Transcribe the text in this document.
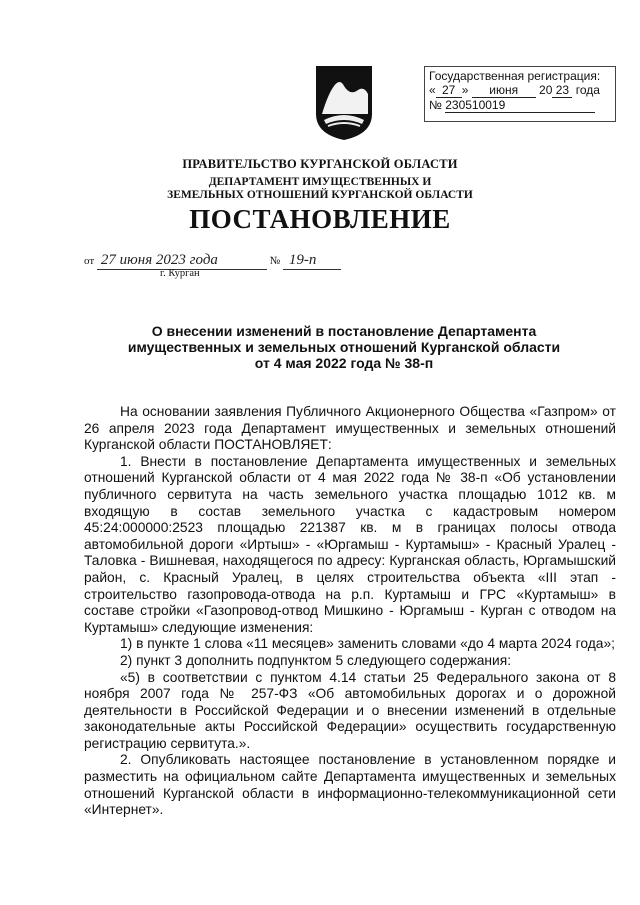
Государственная регистрация:
« 27 » июня 20 23 года
№ 230510019
ПРАВИТЕЛЬСТВО КУРГАНСКОЙ ОБЛАСТИ
ДЕПАРТАМЕНТ ИМУЩЕСТВЕННЫХ И
ЗЕМЕЛЬНЫХ ОТНОШЕНИЙ КУРГАНСКОЙ ОБЛАСТИ
ПОСТАНОВЛЕНИЕ
от 27 июня 2023 года	№ 19-п
г. Курган
О внесении изменений в постановление Департамента
имущественных и земельных отношений Курганской области
от 4 мая 2022 года № 38-п

На основании заявления Публичного Акционерного Общества «Газпром» от 26 апреля 2023 года Департамент имущественных и земельных отношений Курганской области ПОСТАНОВЛЯЕТ:

1. Внести в постановление Департамента имущественных и земельных отношений Курганской области от 4 мая 2022 года № 38-п «Об установлении публичного сервитута на часть земельного участка площадью 1012 кв. м входящую в состав земельного участка с кадастровым номером 45:24:000000:2523 площадью 221387 кв. м в границах полосы отвода автомобильной дороги «Иртыш» - «Юргамыш - Куртамыш» - Красный Уралец - Таловка - Вишневая, находящегося по адресу: Курганская область, Юргамышский район, с. Красный Уралец, в целях строительства объекта «III этап - строительство газопровода-отвода на р.п. Куртамыш и ГРС «Куртамыш» в составе стройки «Газопровод-отвод Мишкино - Юргамыш - Курган с отводом на Куртамыш» следующие изменения:

1) в пункте 1 слова «11 месяцев» заменить словами «до 4 марта 2024 года»;

2) пункт 3 дополнить подпунктом 5 следующего содержания:

«5) в соответствии с пунктом 4.14 статьи 25 Федерального закона от 8 ноября 2007 года № 257-ФЗ «Об автомобильных дорогах и о дорожной деятельности в Российской Федерации и о внесении изменений в отдельные законодательные акты Российской Федерации» осуществить государственную регистрацию сервитута.».

2. Опубликовать настоящее постановление в установленном порядке и разместить на официальном сайте Департамента имущественных и земельных отношений Курганской области в информационно-телекоммуникационной сети «Интернет».
